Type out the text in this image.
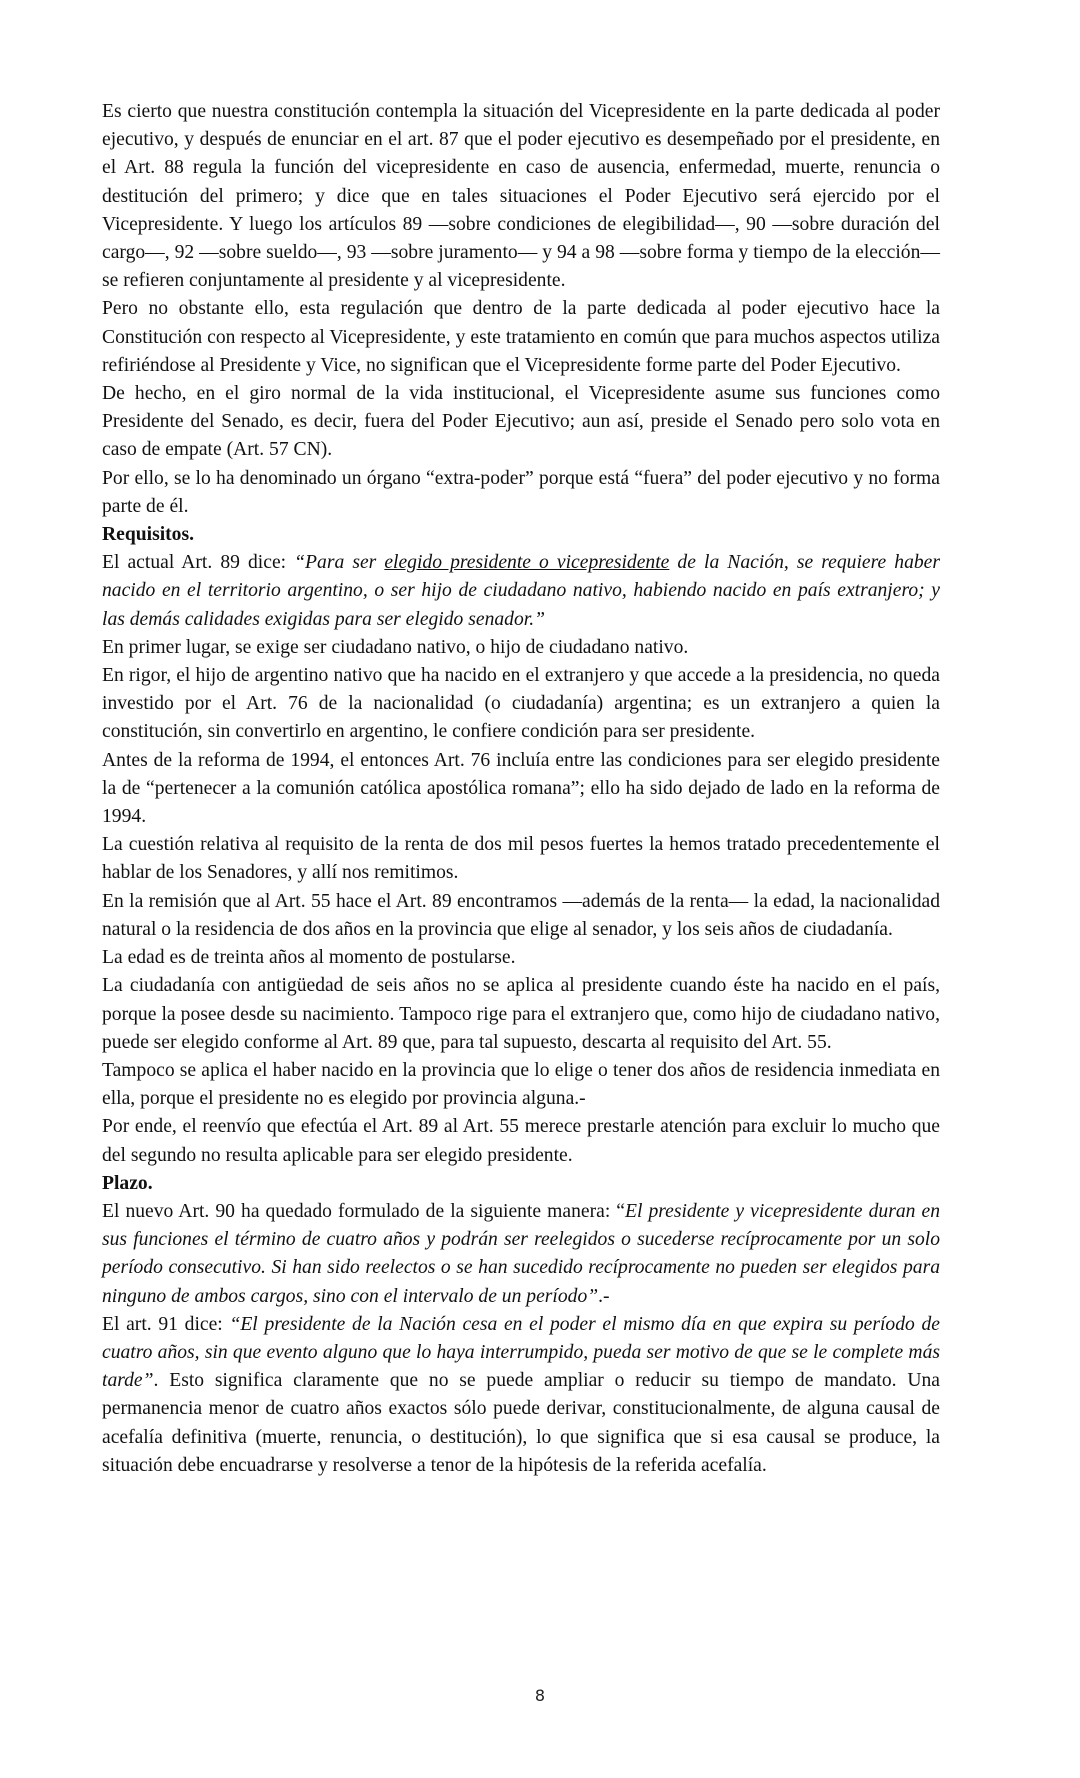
Es cierto que nuestra constitución contempla la situación del Vicepresidente en la parte dedicada al poder ejecutivo, y después de enunciar en el art. 87 que el poder ejecutivo es desempeñado por el presidente, en el Art. 88 regula la función del vicepresidente en caso de ausencia, enfermedad, muerte, renuncia o destitución del primero; y dice que en tales situaciones el Poder Ejecutivo será ejercido por el Vicepresidente. Y luego los artículos 89 —sobre condiciones de elegibilidad—, 90 —sobre duración del cargo—, 92 —sobre sueldo—, 93 —sobre juramento— y 94 a 98 —sobre forma y tiempo de la elección— se refieren conjuntamente al presidente y al vicepresidente.

Pero no obstante ello, esta regulación que dentro de la parte dedicada al poder ejecutivo hace la Constitución con respecto al Vicepresidente, y este tratamiento en común que para muchos aspectos utiliza refiriéndose al Presidente y Vice, no significan que el Vicepresidente forme parte del Poder Ejecutivo.

De hecho, en el giro normal de la vida institucional, el Vicepresidente asume sus funciones como Presidente del Senado, es decir, fuera del Poder Ejecutivo; aun así, preside el Senado pero solo vota en caso de empate (Art. 57 CN).

Por ello, se lo ha denominado un órgano “extra-poder” porque está “fuera” del poder ejecutivo y no forma parte de él.

Requisitos.

El actual Art. 89 dice: “Para ser elegido presidente o vicepresidente de la Nación, se requiere haber nacido en el territorio argentino, o ser hijo de ciudadano nativo, habiendo nacido en país extranjero; y las demás calidades exigidas para ser elegido senador.”

En primer lugar, se exige ser ciudadano nativo, o hijo de ciudadano nativo.

En rigor, el hijo de argentino nativo que ha nacido en el extranjero y que accede a la presidencia, no queda investido por el Art. 76 de la nacionalidad (o ciudadanía) argentina; es un extranjero a quien la constitución, sin convertirlo en argentino, le confiere condición para ser presidente.

Antes de la reforma de 1994, el entonces Art. 76 incluía entre las condiciones para ser elegido presidente la de “pertenecer a la comunión católica apostólica romana”; ello ha sido dejado de lado en la reforma de 1994.

La cuestión relativa al requisito de la renta de dos mil pesos fuertes la hemos tratado precedentemente el hablar de los Senadores, y allí nos remitimos.

En la remisión que al Art. 55 hace el Art. 89 encontramos —además de la renta— la edad, la nacionalidad natural o la residencia de dos años en la provincia que elige al senador, y los seis años de ciudadanía.

La edad es de treinta años al momento de postularse.

La ciudadanía con antigüedad de seis años no se aplica al presidente cuando éste ha nacido en el país, porque la posee desde su nacimiento. Tampoco rige para el extranjero que, como hijo de ciudadano nativo, puede ser elegido conforme al Art. 89 que, para tal supuesto, descarta al requisito del Art. 55.

Tampoco se aplica el haber nacido en la provincia que lo elige o tener dos años de residencia inmediata en ella, porque el presidente no es elegido por provincia alguna.-

Por ende, el reenvío que efectúa el Art. 89 al Art. 55 merece prestarle atención para excluir lo mucho que del segundo no resulta aplicable para ser elegido presidente.

Plazo.

El nuevo Art. 90 ha quedado formulado de la siguiente manera: “El presidente y vicepresidente duran en sus funciones el término de cuatro años y podrán ser reelegidos o sucederse recíprocamente por un solo período consecutivo. Si han sido reelectos o se han sucedido recíprocamente no pueden ser elegidos para ninguno de ambos cargos, sino con el intervalo de un período”.-

El art. 91 dice: “El presidente de la Nación cesa en el poder el mismo día en que expira su período de cuatro años, sin que evento alguno que lo haya interrumpido, pueda ser motivo de que se le complete más tarde”. Esto significa claramente que no se puede ampliar o reducir su tiempo de mandato. Una permanencia menor de cuatro años exactos sólo puede derivar, constitucionalmente, de alguna causal de acefalía definitiva (muerte, renuncia, o destitución), lo que significa que si esa causal se produce, la situación debe encuadrarse y resolverse a tenor de la hipótesis de la referida acefalía.

8
